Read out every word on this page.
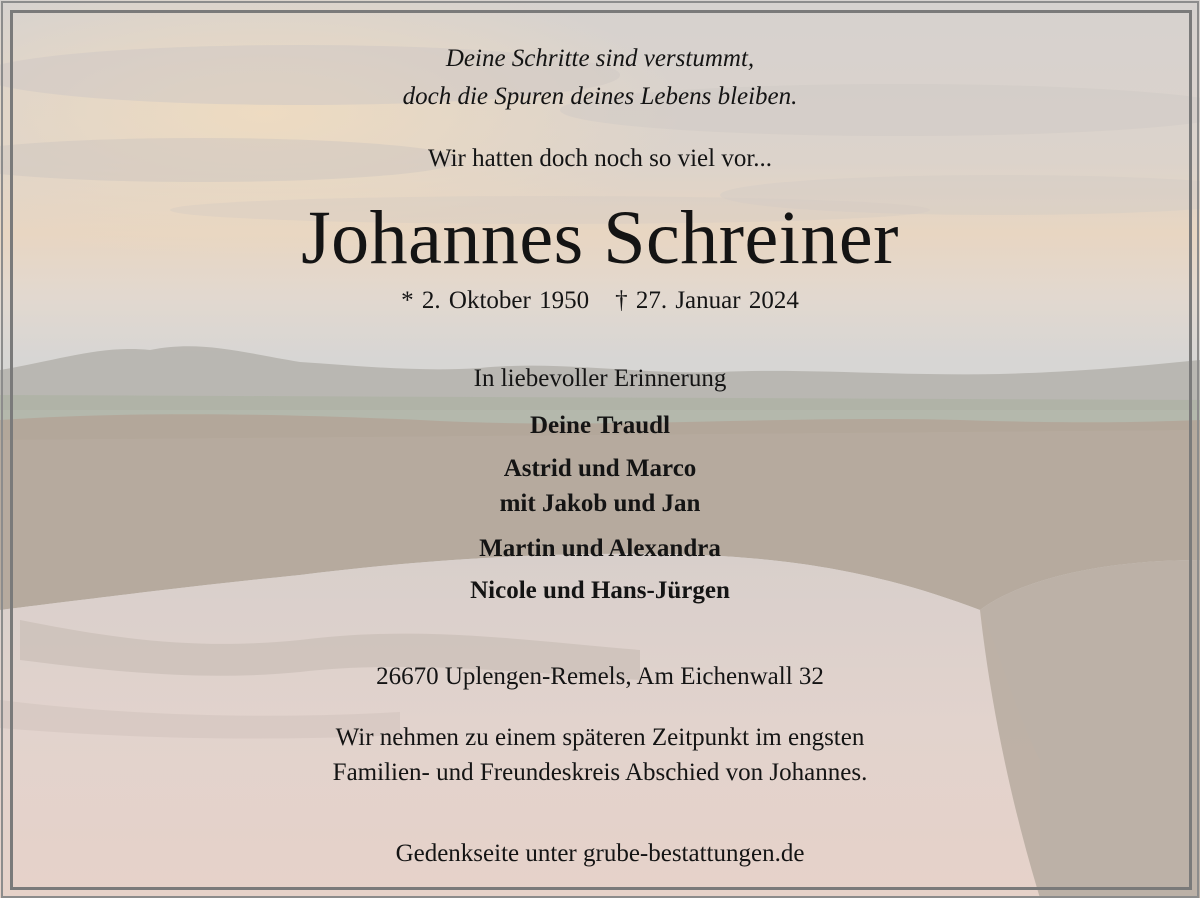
Deine Schritte sind verstummt,
doch die Spuren deines Lebens bleiben.
Wir hatten doch noch so viel vor...
Johannes Schreiner
* 2. Oktober 1950 † 27. Januar 2024
In liebevoller Erinnerung
Deine Traudl
Astrid und Marco
mit Jakob und Jan
Martin und Alexandra
Nicole und Hans-Jürgen
26670 Uplengen-Remels, Am Eichenwall 32
Wir nehmen zu einem späteren Zeitpunkt im engsten
Familien- und Freundeskreis Abschied von Johannes.
Gedenkseite unter grube-bestattungen.de
